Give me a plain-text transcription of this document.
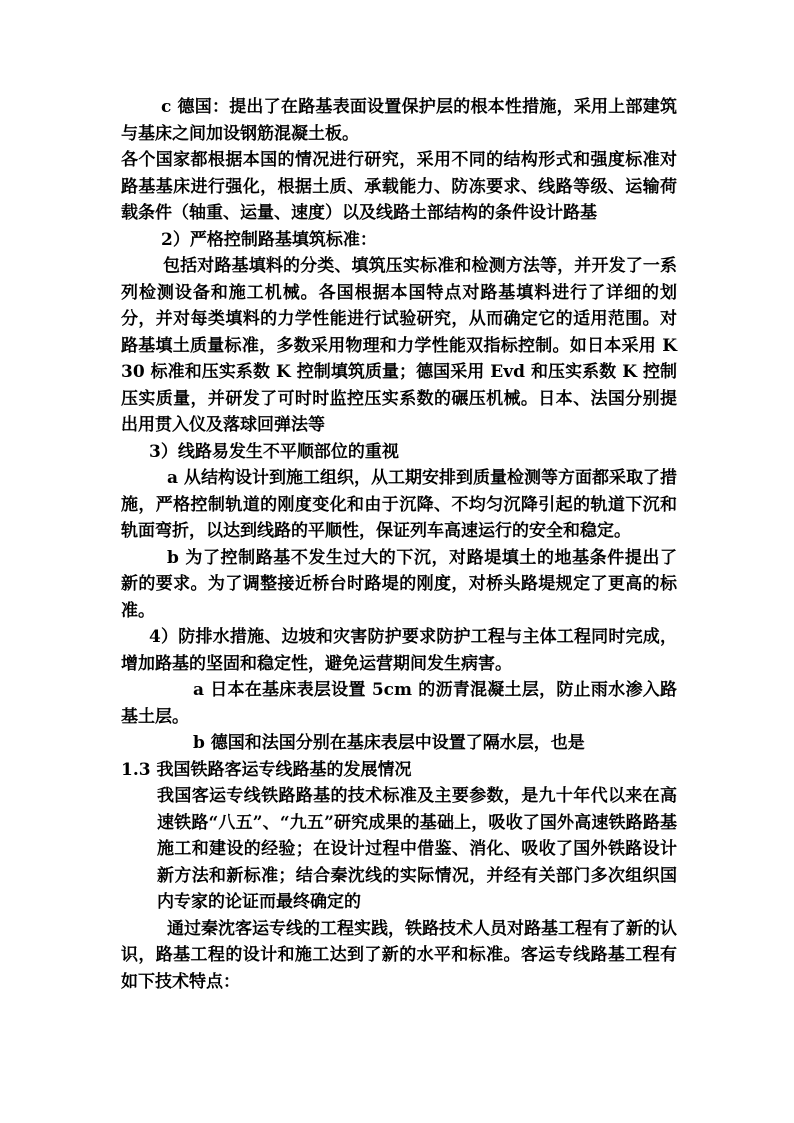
c 德国：提出了在路基表面设置保护层的根本性措施，采用上部建筑与基床之间加设钢筋混凝土板。

各个国家都根据本国的情况进行研究，采用不同的结构形式和强度标准对路基基床进行强化，根据土质、承载能力、防冻要求、线路等级、运输荷载条件（轴重、运量、速度）以及线路土部结构的条件设计路基

2）严格控制路基填筑标准：

包括对路基填料的分类、填筑压实标准和检测方法等，并开发了一系列检测设备和施工机械。各国根据本国特点对路基填料进行了详细的划分，并对每类填料的力学性能进行试验研究，从而确定它的适用范围。对路基填土质量标准，多数采用物理和力学性能双指标控制。如日本采用 K30 标准和压实系数 K 控制填筑质量；德国采用 Evd 和压实系数 K 控制压实质量，并研发了可时时监控压实系数的碾压机械。日本、法国分别提出用贯入仪及落球回弹法等

3）线路易发生不平顺部位的重视

a 从结构设计到施工组织，从工期安排到质量检测等方面都采取了措施，严格控制轨道的刚度变化和由于沉降、不均匀沉降引起的轨道下沉和轨面弯折，以达到线路的平顺性，保证列车高速运行的安全和稳定。

b 为了控制路基不发生过大的下沉，对路堤填土的地基条件提出了新的要求。为了调整接近桥台时路堤的刚度，对桥头路堤规定了更高的标准。

4）防排水措施、边坡和灾害防护要求防护工程与主体工程同时完成，增加路基的坚固和稳定性，避免运营期间发生病害。

a 日本在基床表层设置 5cm 的沥青混凝土层，防止雨水渗入路基土层。

b 德国和法国分别在基床表层中设置了隔水层，也是

1.3 我国铁路客运专线路基的发展情况

我国客运专线铁路路基的技术标准及主要参数，是九十年代以来在高速铁路“八五”、“九五”研究成果的基础上，吸收了国外高速铁路路基施工和建设的经验；在设计过程中借鉴、消化、吸收了国外铁路设计新方法和新标准；结合秦沈线的实际情况，并经有关部门多次组织国内专家的论证而最终确定的

通过秦沈客运专线的工程实践，铁路技术人员对路基工程有了新的认识，路基工程的设计和施工达到了新的水平和标准。客运专线路基工程有如下技术特点：
